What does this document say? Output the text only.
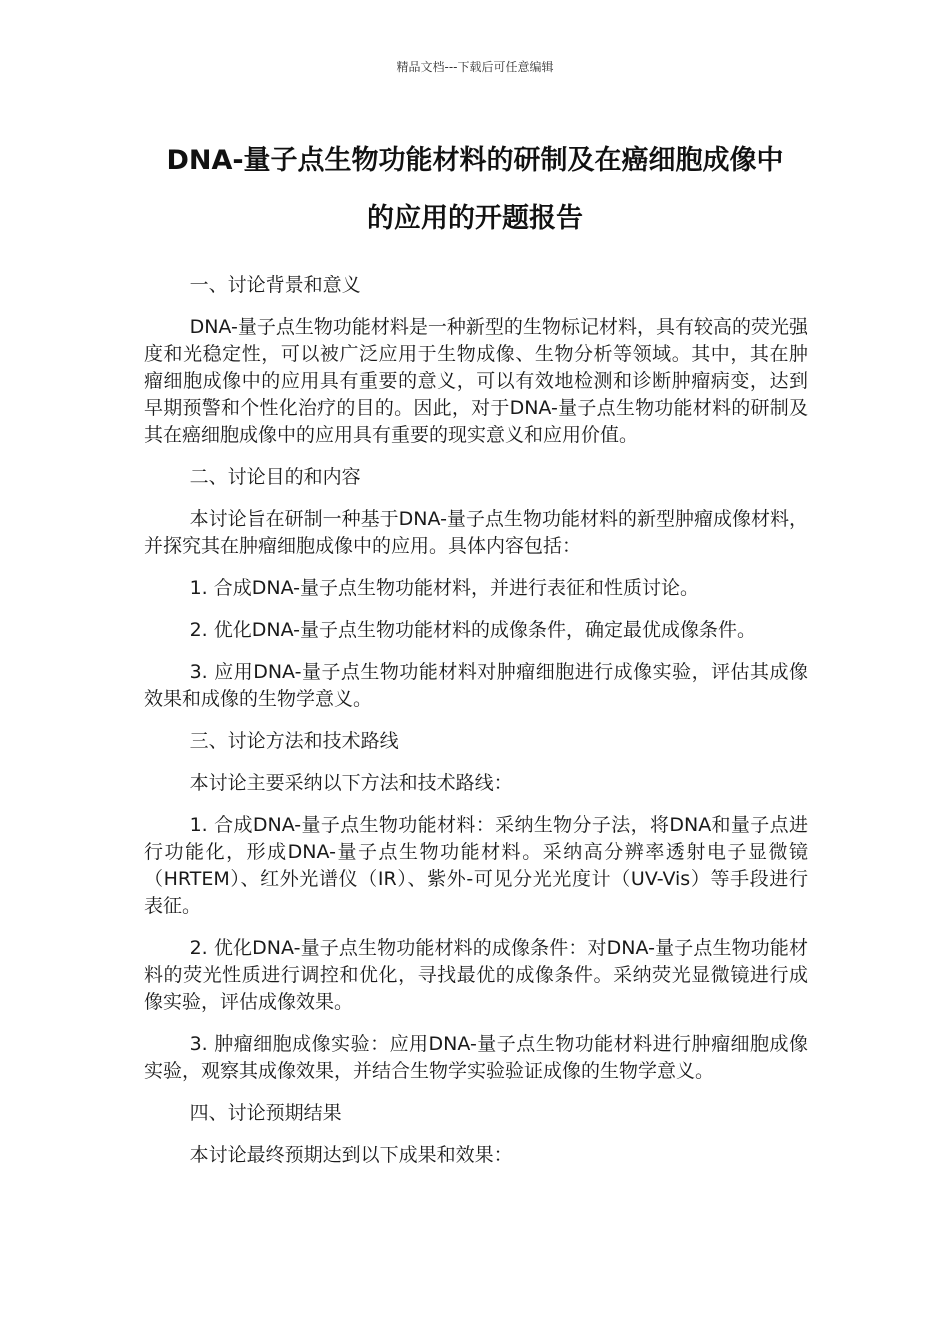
精品文档---下载后可任意编辑
DNA-量子点生物功能材料的研制及在癌细胞成像中
的应用的开题报告

一、讨论背景和意义

DNA-量子点生物功能材料是一种新型的生物标记材料，具有较高的荧光强度和光稳定性，可以被广泛应用于生物成像、生物分析等领域。其中，其在肿瘤细胞成像中的应用具有重要的意义，可以有效地检测和诊断肿瘤病变，达到早期预警和个性化治疗的目的。因此，对于DNA-量子点生物功能材料的研制及其在癌细胞成像中的应用具有重要的现实意义和应用价值。

二、讨论目的和内容

本讨论旨在研制一种基于DNA-量子点生物功能材料的新型肿瘤成像材料，并探究其在肿瘤细胞成像中的应用。具体内容包括：

1. 合成DNA-量子点生物功能材料，并进行表征和性质讨论。

2. 优化DNA-量子点生物功能材料的成像条件，确定最优成像条件。

3. 应用DNA-量子点生物功能材料对肿瘤细胞进行成像实验，评估其成像效果和成像的生物学意义。

三、讨论方法和技术路线

本讨论主要采纳以下方法和技术路线：

1. 合成DNA-量子点生物功能材料：采纳生物分子法，将DNA和量子点进行功能化，形成DNA-量子点生物功能材料。采纳高分辨率透射电子显微镜（HRTEM）、红外光谱仪（IR）、紫外-可见分光光度计（UV-Vis）等手段进行表征。

2. 优化DNA-量子点生物功能材料的成像条件：对DNA-量子点生物功能材料的荧光性质进行调控和优化，寻找最优的成像条件。采纳荧光显微镜进行成像实验，评估成像效果。

3. 肿瘤细胞成像实验：应用DNA-量子点生物功能材料进行肿瘤细胞成像实验，观察其成像效果，并结合生物学实验验证成像的生物学意义。

四、讨论预期结果

本讨论最终预期达到以下成果和效果：
